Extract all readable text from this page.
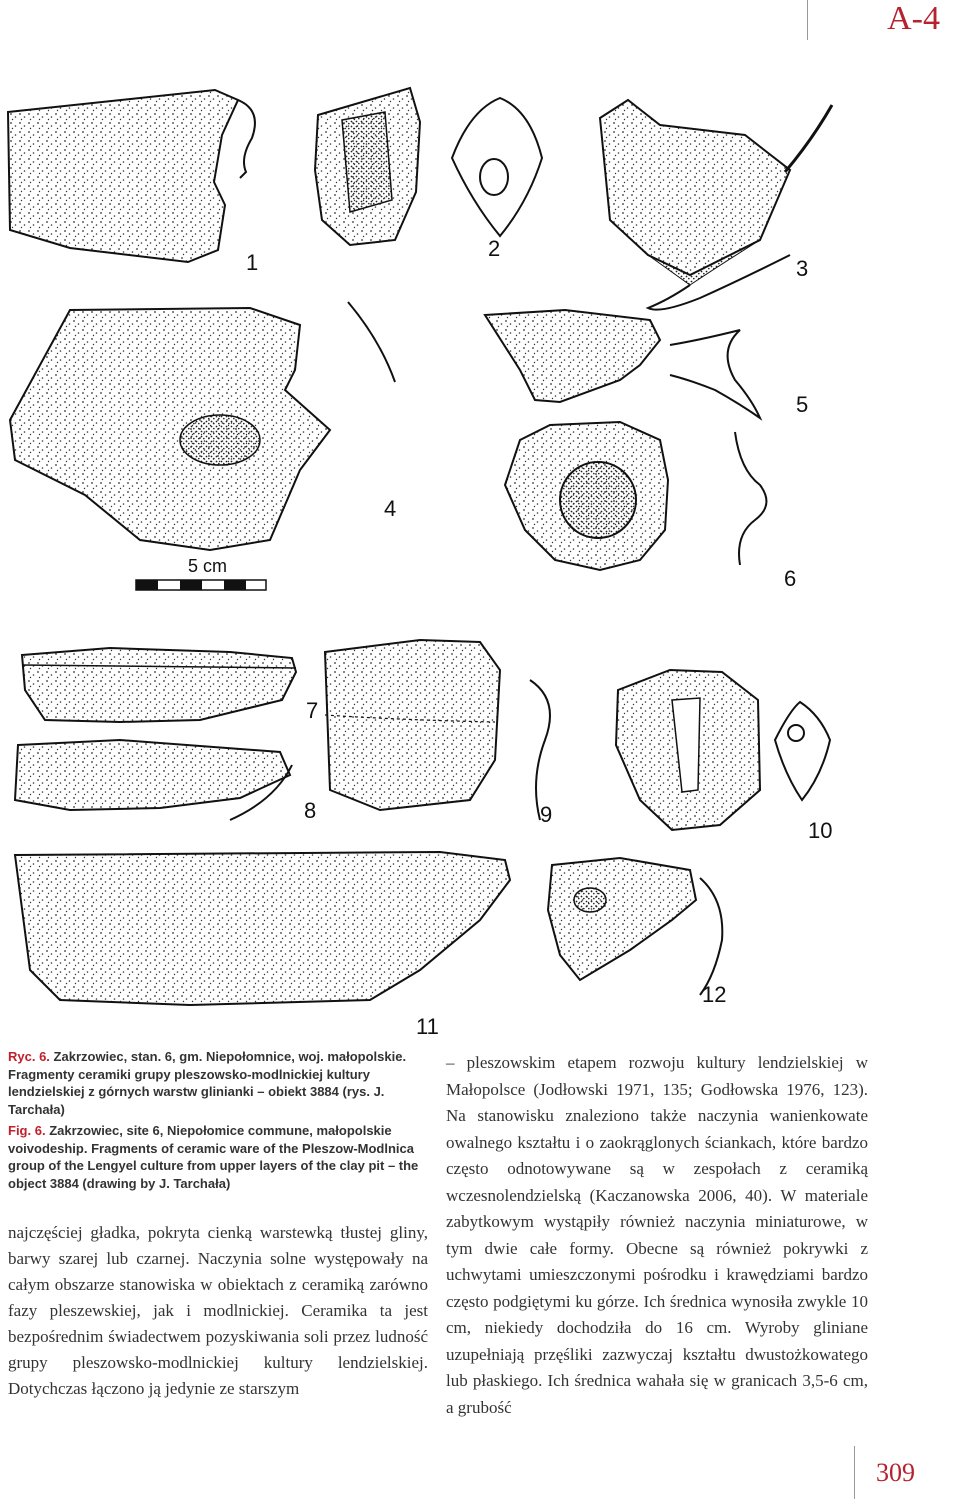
A-4
5 cm
1
2
3
4
5
6
7
8	9
10
11
12

Ryc. 6. Zakrzowiec, stan. 6, gm. Niepołomnice, woj. małopolskie. Fragmenty ceramiki grupy pleszowsko-modlnickiej kultury lendzielskiej z górnych warstw glinianki – obiekt 3884 (rys. J. Tarchała)

Fig. 6. Zakrzowiec, site 6, Niepołomice commune, małopolskie voivodeship. Fragments of ceramic ware of the Pleszow-Modlnica group of the Lengyel culture from upper layers of the clay pit – the object 3884 (drawing by J. Tarchała)

najczęściej gładka, pokryta cienką warstewką tłustej gliny, barwy szarej lub czarnej. Naczynia solne występowały na całym obszarze stanowiska w obiektach z ceramiką zarówno fazy pleszewskiej, jak i modlnickiej. Ceramika ta jest bezpośrednim świadectwem pozyskiwania soli przez ludność grupy pleszowsko-modlnickiej kultury lendzielskiej. Dotychczas łączono ją jedynie ze starszym
– pleszowskim etapem rozwoju kultury lendzielskiej w Małopolsce (Jodłowski 1971, 135; Godłowska 1976, 123). Na stanowisku znaleziono także naczynia wanienkowate owalnego kształtu i o zaokrąglonych ściankach, które bardzo często odnotowywane są w zespołach z ceramiką wczesnolendzielską (Kaczanowska 2006, 40). W materiale zabytkowym wystąpiły również naczynia miniaturowe, w tym dwie całe formy. Obecne są również pokrywki z uchwytami umieszczonymi pośrodku i krawędziami bardzo często podgiętymi ku górze. Ich średnica wynosiła zwykle 10 cm, niekiedy dochodziła do 16 cm. Wyroby gliniane uzupełniają przęśliki zazwyczaj kształtu dwustożkowatego lub płaskiego. Ich średnica wahała się w granicach 3,5-6 cm, a grubość
309
